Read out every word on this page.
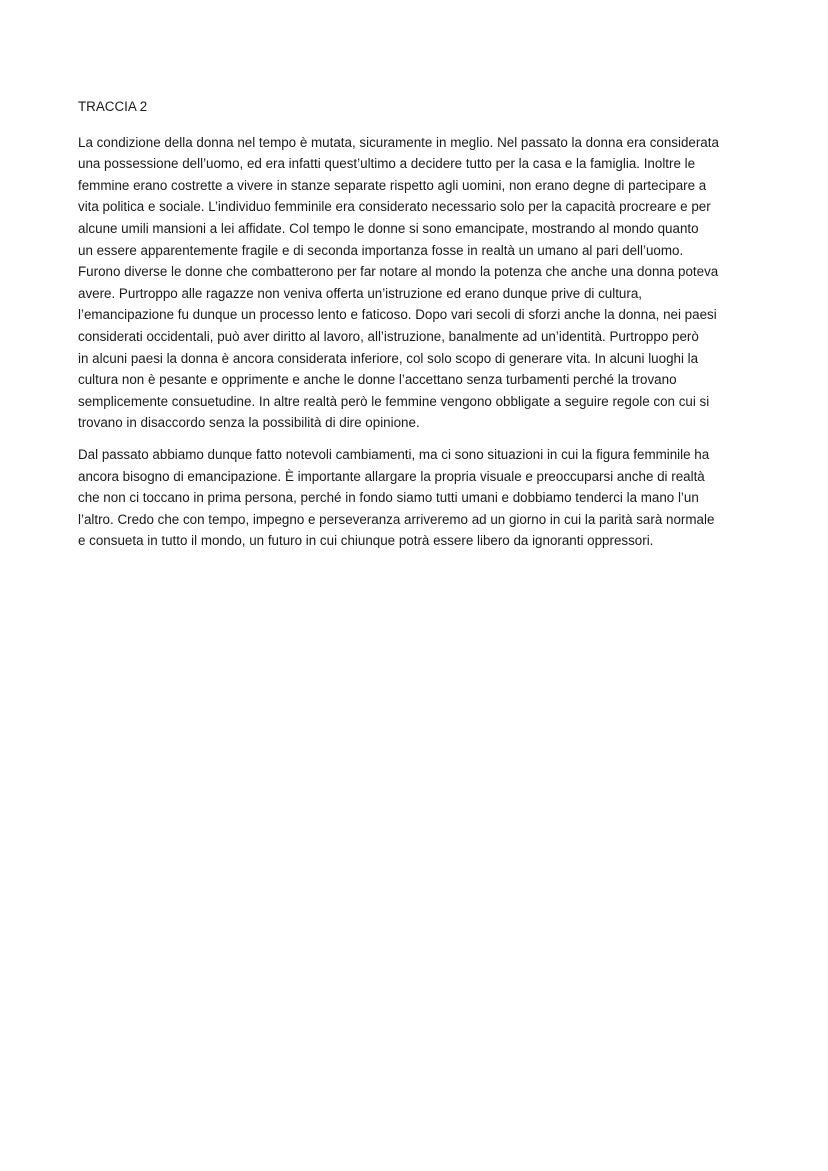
TRACCIA 2
La condizione della donna nel tempo è mutata, sicuramente in meglio. Nel passato la donna era considerata
una possessione dell’uomo, ed era infatti quest’ultimo a decidere tutto per la casa e la famiglia. Inoltre le
femmine erano costrette a vivere in stanze separate rispetto agli uomini, non erano degne di partecipare a
vita politica e sociale. L’individuo femminile era considerato necessario solo per la capacità procreare e per
alcune umili mansioni a lei affidate. Col tempo le donne si sono emancipate, mostrando al mondo quanto
un essere apparentemente fragile e di seconda importanza fosse in realtà un umano al pari dell’uomo.
Furono diverse le donne che combatterono per far notare al mondo la potenza che anche una donna poteva
avere. Purtroppo alle ragazze non veniva offerta un’istruzione ed erano dunque prive di cultura,
l’emancipazione fu dunque un processo lento e faticoso. Dopo vari secoli di sforzi anche la donna, nei paesi
considerati occidentali, può aver diritto al lavoro, all’istruzione, banalmente ad un’identità. Purtroppo però
in alcuni paesi la donna è ancora considerata inferiore, col solo scopo di generare vita. In alcuni luoghi la
cultura non è pesante e opprimente e anche le donne l’accettano senza turbamenti perché la trovano
semplicemente consuetudine. In altre realtà però le femmine vengono obbligate a seguire regole con cui si
trovano in disaccordo senza la possibilità di dire opinione.
Dal passato abbiamo dunque fatto notevoli cambiamenti, ma ci sono situazioni in cui la figura femminile ha
ancora bisogno di emancipazione. È importante allargare la propria visuale e preoccuparsi anche di realtà
che non ci toccano in prima persona, perché in fondo siamo tutti umani e dobbiamo tenderci la mano l’un
l’altro. Credo che con tempo, impegno e perseveranza arriveremo ad un giorno in cui la parità sarà normale
e consueta in tutto il mondo, un futuro in cui chiunque potrà essere libero da ignoranti oppressori.
